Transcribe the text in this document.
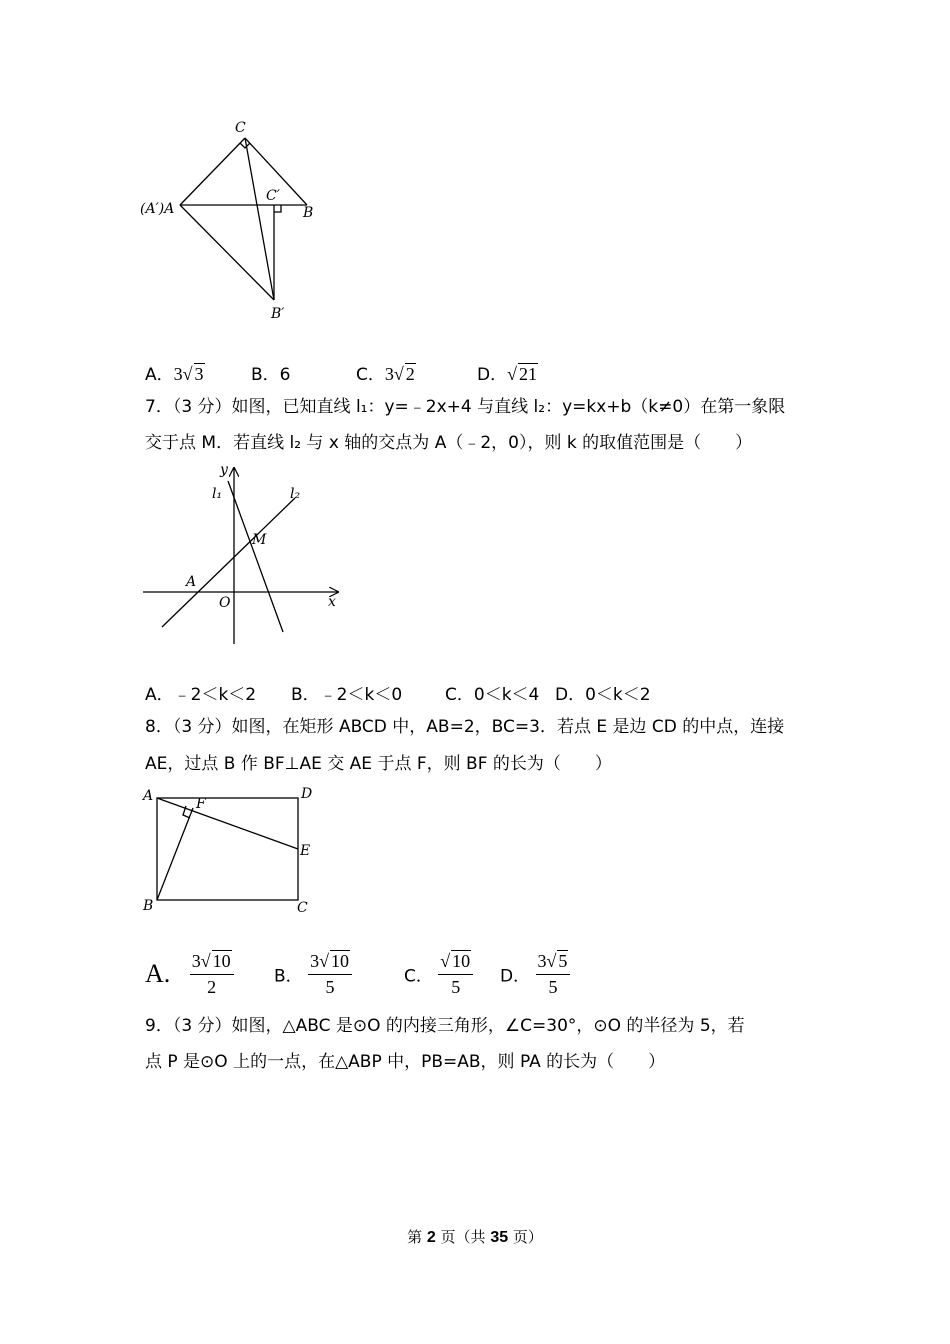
C
(A′)A
C′
B
B′
A．3√ 3	B．6	C．3√ 2	D．√ 21
7．（3 分）如图，已知直线 l₁：y=﹣2x+4 与直线 l₂：y=kx+b（k≠0）在第一象限
交于点 M．若直线 l₂ 与 x 轴的交点为 A（﹣2，0），则 k 的取值范围是（　　）
y
x
l₁	l₂
M
A
O
A．﹣2＜k＜2 B．﹣2＜k＜0	C．0＜k＜4 D．0＜k＜2
8．（3 分）如图，在矩形 ABCD 中，AB=2，BC=3．若点 E 是边 CD 的中点，连接
AE，过点 B 作 BF⊥AE 交 AE 于点 F，则 BF 的长为（　　）
A	D
F
E
B	C
A. $\frac{3√ 10}{2}$ B． $\frac{3√ 10}{5}$	C． $\frac{√ 10}{5}$ D． $\frac{3√ 5}{5}$
9．（3 分）如图，△ABC 是⊙O 的内接三角形，∠C=30°，⊙O 的半径为 5，若
点 P 是⊙O 上的一点，在△ABP 中，PB=AB，则 PA 的长为（　　）
第 2 页（共 35 页）
